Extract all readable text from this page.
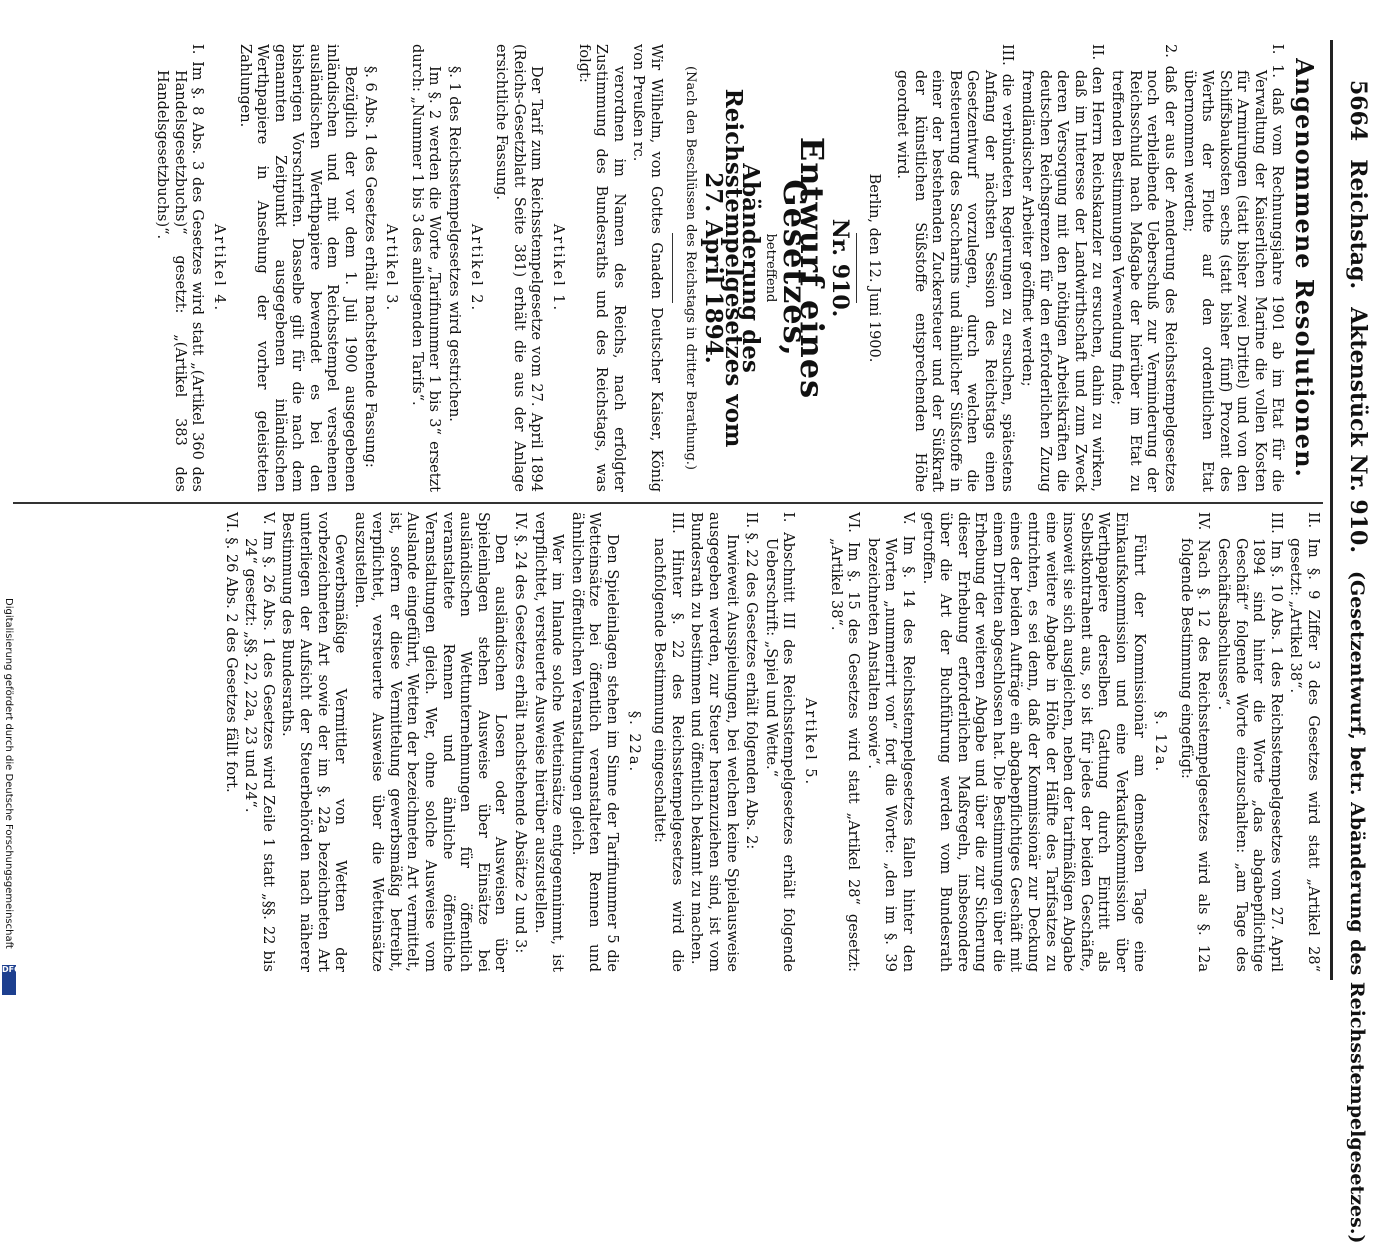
5664
Reichstag.
Aktenstück Nr. 910.
(Gesetzentwurf, betr. Abänderung des Reichsstempelgesetzes.)
Angenommene Resolutionen.

I. 1. daß vom Rechnungsjahre 1901 ab im Etat für die Verwaltung der Kaiserlichen Marine die vollen Kosten für Armirungen (statt bisher zwei Drittel) und von den Schiffsbaukosten sechs (statt bisher fünf) Prozent des Werths der Flotte auf den ordentlichen Etat übernommen werden;

2. daß der aus der Aenderung des Reichsstempelgesetzes noch verbleibende Ueberschuß zur Verminderung der Reichsschuld nach Maßgabe der hierüber im Etat zu treffenden Bestimmungen Verwendung finde;

II. den Herrn Reichskanzler zu ersuchen, dahin zu wirken, daß im Interesse der Landwirthschaft und zum Zweck deren Versorgung mit den nöthigen Arbeitskräften die deutschen Reichsgrenzen für den erforderlichen Zuzug fremdländischer Arbeiter geöffnet werden;

III. die verbündeten Regierungen zu ersuchen, spätestens Anfang der nächsten Session des Reichstags einen Gesetzentwurf vorzulegen, durch welchen die Besteuerung des Saccharins und ähnlicher Süßstoffe in einer der bestehenden Zuckersteuer und der Süßkraft der künstlichen Süßstoffe entsprechenden Höhe geordnet wird.

Berlin, den 12. Juni 1900.
Nr. 910.
Entwurf eines Gesetzes,
betreffend
Abänderung des Reichsstempelgesetzes vom
27. April 1894.
(Nach den Beschlüssen des Reichstags in dritter Berathung.)

Wir Wilhelm, von Gottes Gnaden Deutscher Kaiser, König von Preußen rc.

verordnen im Namen des Reichs, nach erfolgter Zustimmung des Bundesraths und des Reichstags, was folgt:

Artikel 1.

Der Tarif zum Reichsstempelgesetze vom 27. April 1894 (Reichs-Gesetzblatt Seite 381) erhält die aus der Anlage ersichtliche Fassung.

Artikel 2.

§. 1 des Reichsstempelgesetzes wird gestrichen.

Im §. 2 werden die Worte „Tarifnummer 1 bis 3“ ersetzt durch: „Nummer 1 bis 3 des anliegenden Tarifs“.

Artikel 3.

§. 6 Abs. 1 des Gesetzes erhält nachstehende Fassung:

Bezüglich der vor dem 1. Juli 1900 ausgegebenen inländischen und mit dem Reichsstempel versehenen ausländischen Werthpapiere bewendet es bei den bisherigen Vorschriften. Dasselbe gilt für die nach dem genannten Zeitpunkt ausgegebenen inländischen Werthpapiere in Ansehung der vorher geleisteten Zahlungen.

Artikel 4.

I. Im §. 8 Abs. 3 des Gesetzes wird statt „(Artikel 360 des Handelsgesetzbuchs)“ gesetzt: „(Artikel 383 des Handelsgesetzbuchs)“.

II. Im §. 9 Ziffer 3 des Gesetzes wird statt „Artikel 28“ gesetzt: „Artikel 38“.

III. Im §. 10 Abs. 1 des Reichsstempelgesetzes vom 27. April 1894 sind hinter die Worte „das abgabepflichtige Geschäft“ folgende Worte einzuschalten: „am Tage des Geschäftsabschlusses“.

IV. Nach §. 12 des Reichsstempelgesetzes wird als §. 12a folgende Bestimmung eingefügt:

§. 12a.

Führt der Kommissionär am demselben Tage eine Einkaufskommission und eine Verkaufskommission über Werthpapiere derselben Gattung durch Eintritt als Selbstkontrahent aus, so ist für jedes der beiden Geschäfte, insoweit sie sich ausgleichen, neben der tarifmäßigen Abgabe eine weitere Abgabe in Höhe der Hälfte des Tarifsatzes zu entrichten, es sei denn, daß der Kommissionär zur Deckung eines der beiden Aufträge ein abgabepflichtiges Geschäft mit einem Dritten abgeschlossen hat. Die Bestimmungen über die Erhebung der weiteren Abgabe und über die zur Sicherung dieser Erhebung erforderlichen Maßregeln, insbesondere über die Art der Buchführung werden vom Bundesrath getroffen.

V. Im §. 14 des Reichsstempelgesetzes fallen hinter den Worten „nummerirt von“ fort die Worte: „den im §. 39 bezeichneten Anstalten sowie“.

VI. Im §. 15 des Gesetzes wird statt „Artikel 28“ gesetzt: „Artikel 38“.

Artikel 5.

I. Abschnitt III des Reichsstempelgesetzes erhält folgende Ueberschrift: „Spiel und Wette.“

II. §. 22 des Gesetzes erhält folgenden Abs. 2:

Inwieweit Ausspielungen, bei welchen keine Spielausweise ausgegeben werden, zur Steuer heranzuziehen sind, ist vom Bundesrath zu bestimmen und öffentlich bekannt zu machen.

III. Hinter §. 22 des Reichsstempelgesetzes wird die nachfolgende Bestimmung eingeschaltet:

§. 22a.

Den Spieleinlagen stehen im Sinne der Tarifnummer 5 die Wetteinsätze bei öffentlich veranstalteten Rennen und ähnlichen öffentlichen Veranstaltungen gleich.

Wer im Inlande solche Wetteinsätze entgegennimmt, ist verpflichtet, versteuerte Ausweise hierüber auszustellen.

IV. §. 24 des Gesetzes erhält nachstehende Absätze 2 und 3:

Den ausländischen Losen oder Ausweisen über Spieleinlagen stehen Ausweise über Einsätze bei ausländischen Wettunternehmungen für öffentlich veranstaltete Rennen und ähnliche öffentliche Veranstaltungen gleich. Wer, ohne solche Ausweise vom Auslande eingeführt, Wetten der bezeichneten Art vermittelt, ist, sofern er diese Vermittelung gewerbsmäßig betreibt, verpflichtet, versteuerte Ausweise über die Wetteinsätze auszustellen.

Gewerbsmäßige Vermittler von Wetten der vorbezeichneten Art sowie der im §. 22a bezeichneten Art unterliegen der Aufsicht der Steuerbehörden nach näherer Bestimmung des Bundesraths.

V. Im §. 26 Abs. 1 des Gesetzes wird Zeile 1 statt „§§. 22 bis 24“ gesetzt: „§§. 22, 22a, 23 und 24“.

VI. §. 26 Abs. 2 des Gesetzes fällt fort.

Digitalisierung gefördert durch die Deutsche Forschungsgemeinschaft
DFG
